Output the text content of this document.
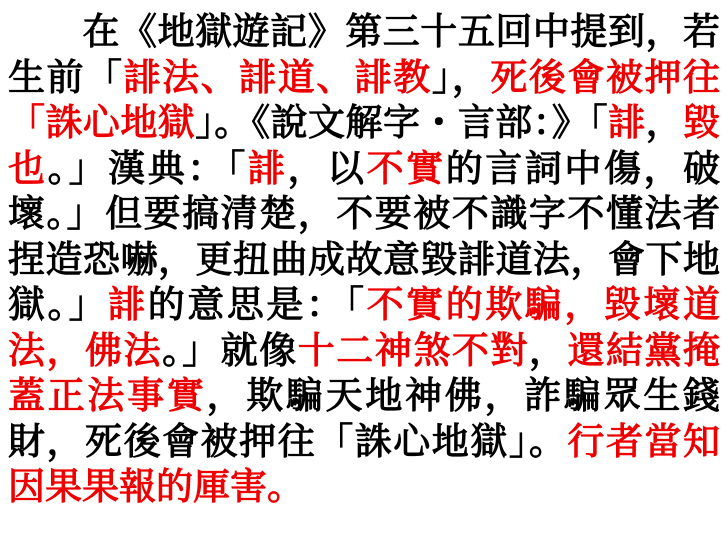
在《地獄遊記》第三十五回中提到，若生前「誹法、誹道、誹教」，死後會被押往「誅心地獄」。《說文解字・言部：》「誹，毀也。」漢典：「誹，以不實的言詞中傷，破壞。」但要搞清楚，不要被不識字不懂法者捏造恐嚇，更扭曲成故意毀誹道法，會下地獄。」誹的意思是：「不實的欺騙，毀壞道法，佛法。」就像十二神煞不對，還結黨掩蓋正法事實，欺騙天地神佛，詐騙眾生錢財，死後會被押往「誅心地獄」。行者當知因果果報的厙害。
